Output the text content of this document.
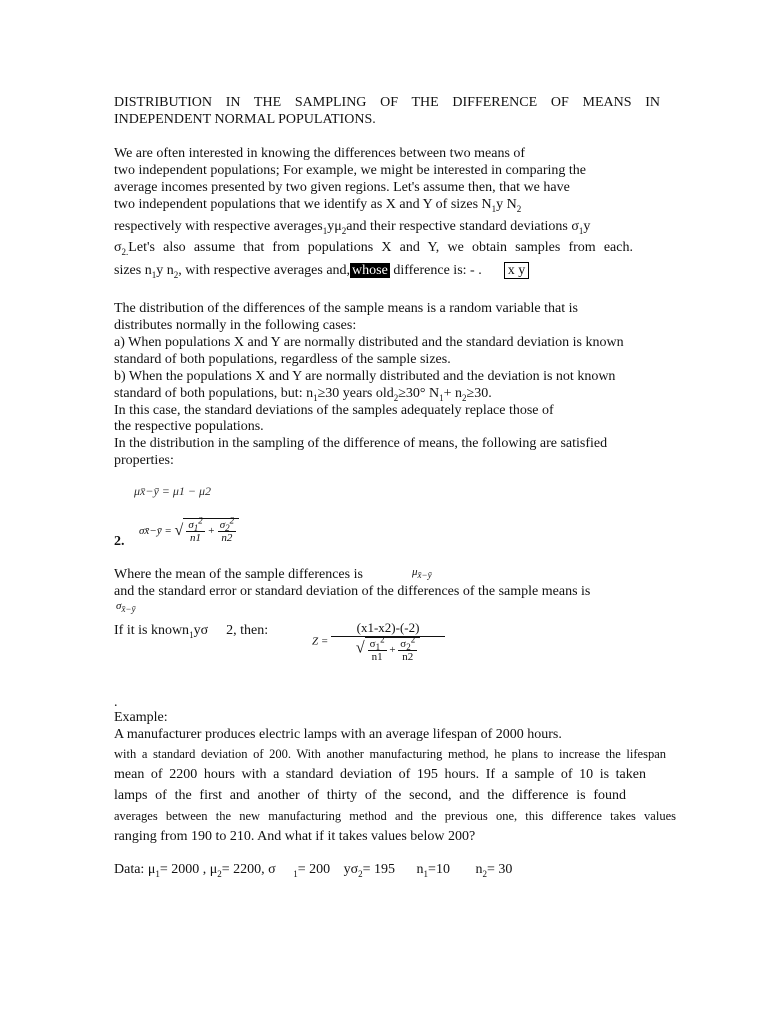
DISTRIBUTION IN THE SAMPLING OF THE DIFFERENCE OF MEANS IN
INDEPENDENT NORMAL POPULATIONS.
We are often interested in knowing the differences between two means of
two independent populations; For example, we might be interested in comparing the
average incomes presented by two given regions. Let's assume then, that we have
two independent populations that we identify as X and Y of sizes $N_1y$ $N_2$
respectively with respective $averages_1y\mu_2and$ their respective standard deviations $\sigma_1y$
$\sigma_{2.}Let's$ also assume that from populations X and Y, we obtain samples from each.
sizes $n_1y$ $n_2$, with respective averages and, whose difference is: - . x y
The distribution of the differences of the sample means is a random variable that is
distributes normally in the following cases:
a) When populations X and Y are normally distributed and the standard deviation is known
standard of both populations, regardless of the sample sizes.
b) When the populations X and Y are normally distributed and the deviation is not known
standard of both populations, but: $n_1\ge 30$ years old$_2$≥30° $N_1+ n_2\ge 30$.
In this case, the standard deviations of the samples adequately replace those of
the respective populations.
In the distribution in the sampling of the difference of means, the following are satisfied
properties:
μx̄−ȳ = μ1 − μ2
2.
σx̄−ȳ = √ $\frac{\sigma_1^2}{n1} + \frac{\sigma_2^2}{n2}$
Where the mean of the sample differences is	$\mu_{x̄-ȳ}$
and the standard error or standard deviation of the differences of the sample means is
$\sigma_{x̄-ȳ}$
If it is known$_1$yσ 2, then:
$Z = \frac{(x1-x2)-(-2)}{√ \frac{\sigma_1^2}{n1} + \frac{\sigma_2^2}{n2}}$
.
Example:
A manufacturer produces electric lamps with an average lifespan of 2000 hours.
with a standard deviation of 200. With another manufacturing method, he plans to increase the lifespan
mean of 2200 hours with a standard deviation of 195 hours. If a sample of 10 is taken
lamps of the first and another of thirty of the second, and the difference is found
averages between the new manufacturing method and the previous one, this difference takes values
ranging from 190 to 210. And what if it takes values below 200?
Data: $\mu_1= 2000$ , $\mu_2= 2200$, σ $_1$= 200 $y\sigma_2= 195$ $n_1=10$ $n_2= 30$
